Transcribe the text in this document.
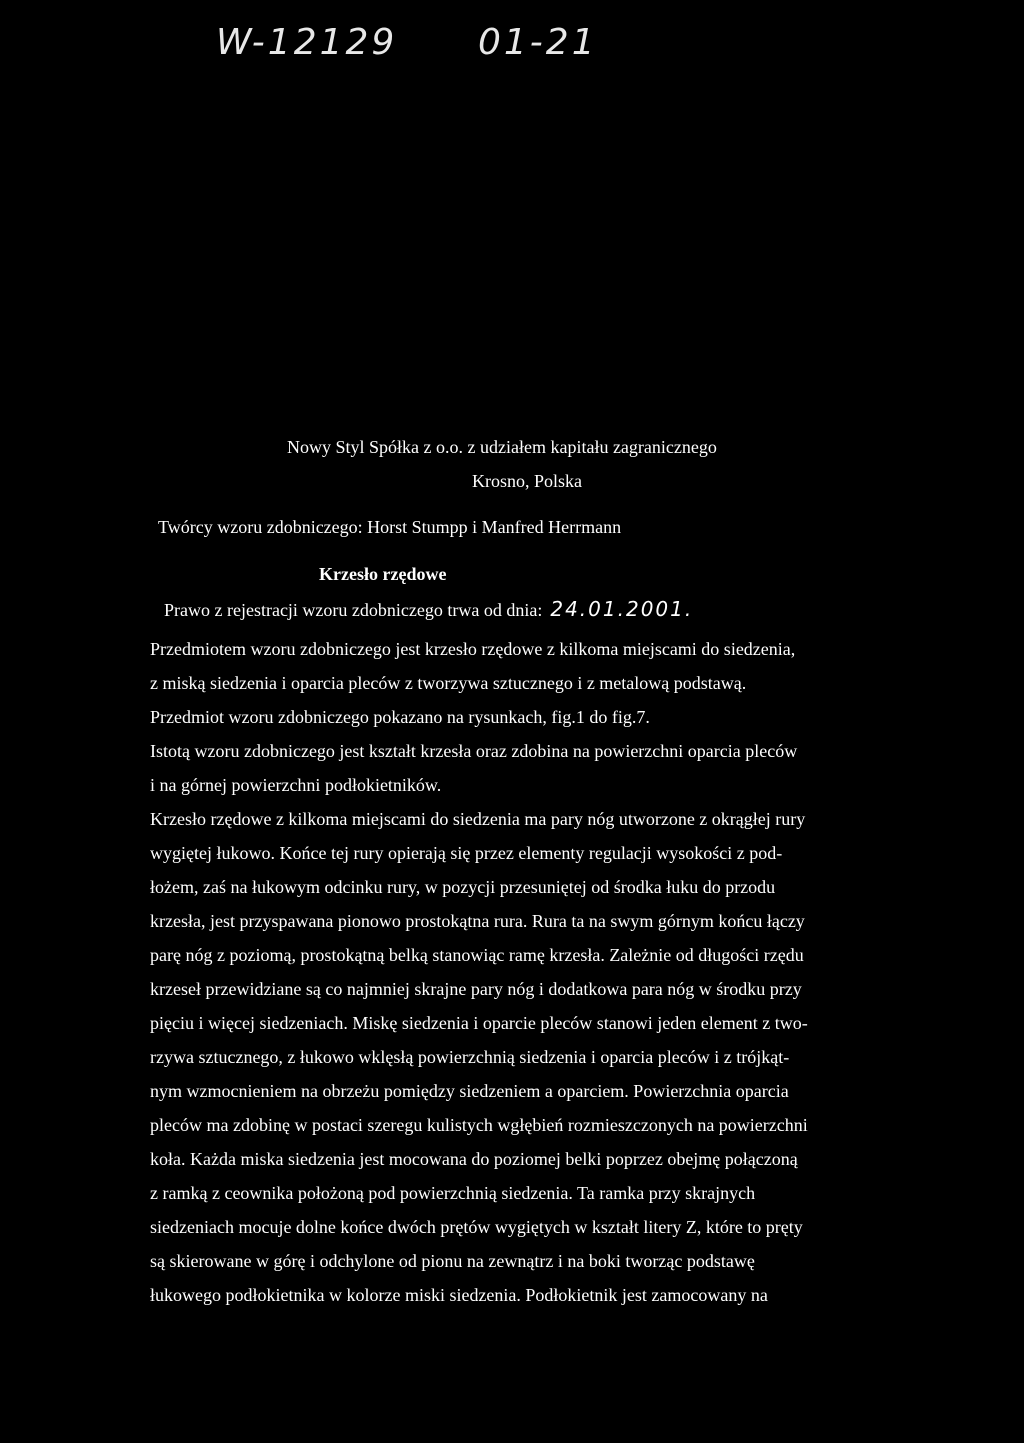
W-12129 01-21
Nowy Styl Spółka z o.o. z udziałem kapitału zagranicznego
Krosno, Polska
Twórcy wzoru zdobniczego: Horst Stumpp i Manfred Herrmann
Krzesło rzędowe
Prawo z rejestracji wzoru zdobniczego trwa od dnia: 24.01.2001.
Przedmiotem wzoru zdobniczego jest krzesło rzędowe z kilkoma miejscami do siedzenia,
z miską siedzenia i oparcia pleców z tworzywa sztucznego i z metalową podstawą.
Przedmiot wzoru zdobniczego pokazano na rysunkach, fig.1 do fig.7.
Istotą wzoru zdobniczego jest kształt krzesła oraz zdobina na powierzchni oparcia pleców
i na górnej powierzchni podłokietników.
Krzesło rzędowe z kilkoma miejscami do siedzenia ma pary nóg utworzone z okrągłej rury
wygiętej łukowo. Końce tej rury opierają się przez elementy regulacji wysokości z pod-
łożem, zaś na łukowym odcinku rury, w pozycji przesuniętej od środka łuku do przodu
krzesła, jest przyspawana pionowo prostokątna rura. Rura ta na swym górnym końcu łączy
parę nóg z poziomą, prostokątną belką stanowiąc ramę krzesła. Zależnie od długości rzędu
krzeseł przewidziane są co najmniej skrajne pary nóg i dodatkowa para nóg w środku przy
pięciu i więcej siedzeniach. Miskę siedzenia i oparcie pleców stanowi jeden element z two-
rzywa sztucznego, z łukowo wklęsłą powierzchnią siedzenia i oparcia pleców i z trójkąt-
nym wzmocnieniem na obrzeżu pomiędzy siedzeniem a oparciem. Powierzchnia oparcia
pleców ma zdobinę w postaci szeregu kulistych wgłębień rozmieszczonych na powierzchni
koła. Każda miska siedzenia jest mocowana do poziomej belki poprzez obejmę połączoną
z ramką z ceownika położoną pod powierzchnią siedzenia. Ta ramka przy skrajnych
siedzeniach mocuje dolne końce dwóch prętów wygiętych w kształt litery Z, które to pręty
są skierowane w górę i odchylone od pionu na zewnątrz i na boki tworząc podstawę
łukowego podłokietnika w kolorze miski siedzenia. Podłokietnik jest zamocowany na
